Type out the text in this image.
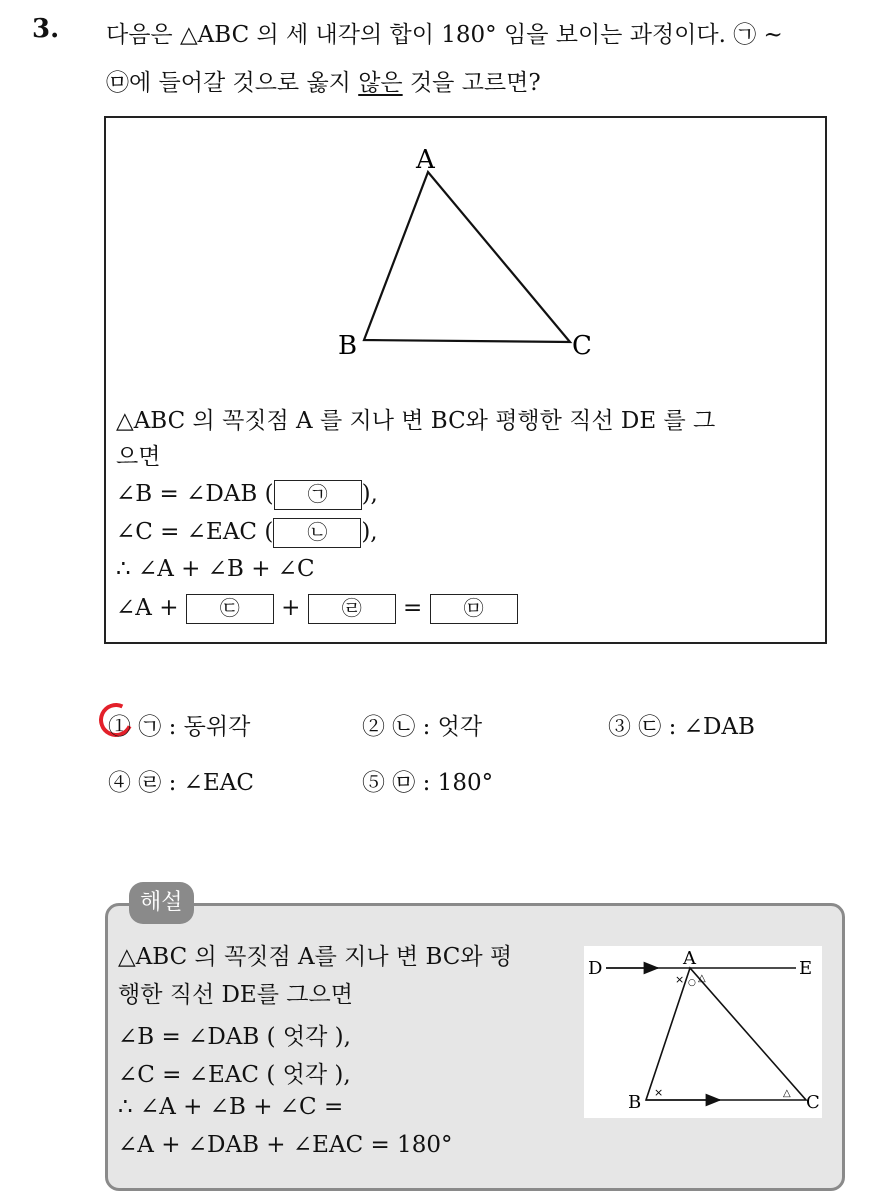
3. 다음은 △ABC 의 세 내각의 합이 180° 임을 보이는 과정이다. ㉠ ~
㉤에 들어갈 것으로 옳지 않은 것을 고르면?
A
B	C
△ABC 의 꼭짓점 A 를 지나 변 BC와 평행한 직선 DE 를 그
으면
∠B = ∠DAB ( ㉠ ),
∠C = ∠EAC ( ㉡ ),
∴ ∠A + ∠B + ∠C
∠A + ㉢ + ㉣ = ㉤
① ㉠ : 동위각	② ㉡ : 엇각	③ ㉢ : ∠DAB
④ ㉣ : ∠EAC	⑤ ㉤ : 180°
해설
△ABC 의 꼭짓점 A를 지나 변 BC와 평
행한 직선 DE를 그으면
∠B = ∠DAB ( 엇각 ),
∠C = ∠EAC ( 엇각 ),
∴ ∠A + ∠B + ∠C =
∠A + ∠DAB + ∠EAC = 180°
D	A	E
B	C
× ○ △
×	△
